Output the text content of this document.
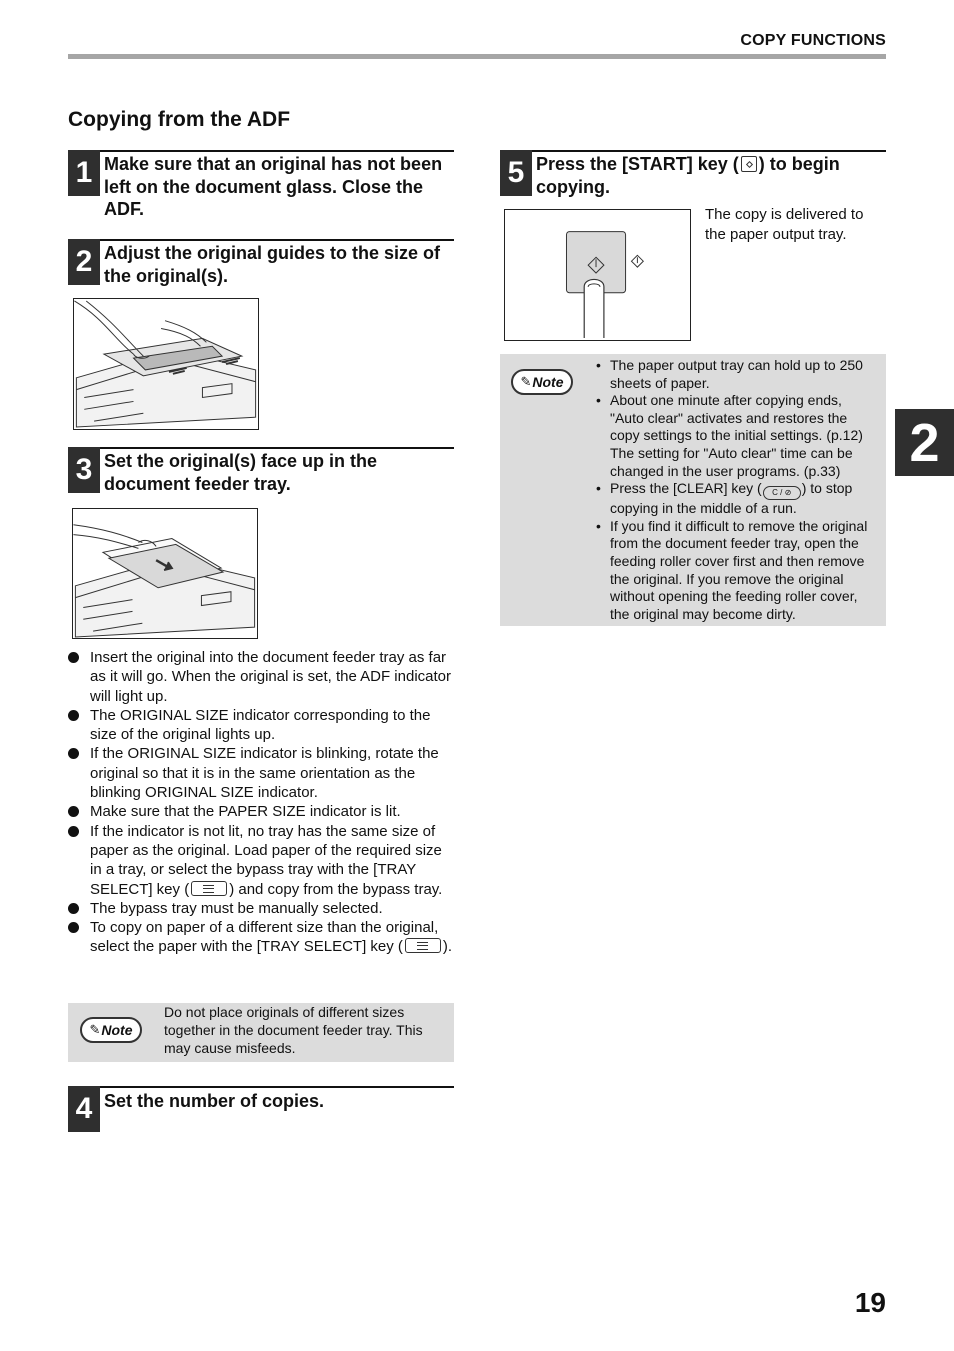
COPY FUNCTIONS
Copying from the ADF
1 Make sure that an original has not been left on the document glass. Close the ADF.
2 Adjust the original guides to the size of the original(s).
3 Set the original(s) face up in the document feeder tray.
Insert the original into the document feeder tray as far as it will go. When the original is set, the ADF indicator will light up.
The ORIGINAL SIZE indicator corresponding to the size of the original lights up.
If the ORIGINAL SIZE indicator is blinking, rotate the original so that it is in the same orientation as the blinking ORIGINAL SIZE indicator.
Make sure that the PAPER SIZE indicator is lit.
If the indicator is not lit, no tray has the same size of paper as the original. Load paper of the required size in a tray, or select the bypass tray with the [TRAY SELECT] key (	) and copy from the bypass tray.
The bypass tray must be manually selected.
To copy on paper of a different size than the original, select the paper with the [TRAY SELECT] key (	).
✎ Note
Do not place originals of different sizes together in the document feeder tray. This may cause misfeeds.
4 Set the number of copies.
5 Press the [START] key ( ) to begin copying.
The copy is delivered to the paper output tray.
✎ Note
• The paper output tray can hold up to 250 sheets of paper.
• About one minute after copying ends, "Auto clear" activates and restores the copy settings to the initial settings. (p.12) The setting for "Auto clear" time can be changed in the user programs. (p.33)
• Press the [CLEAR] key ( C / ⊘ ) to stop copying in the middle of a run.
• If you find it difficult to remove the original from the document feeder tray, open the feeding roller cover first and then remove the original. If you remove the original without opening the feeding roller cover, the original may become dirty.
2
19
